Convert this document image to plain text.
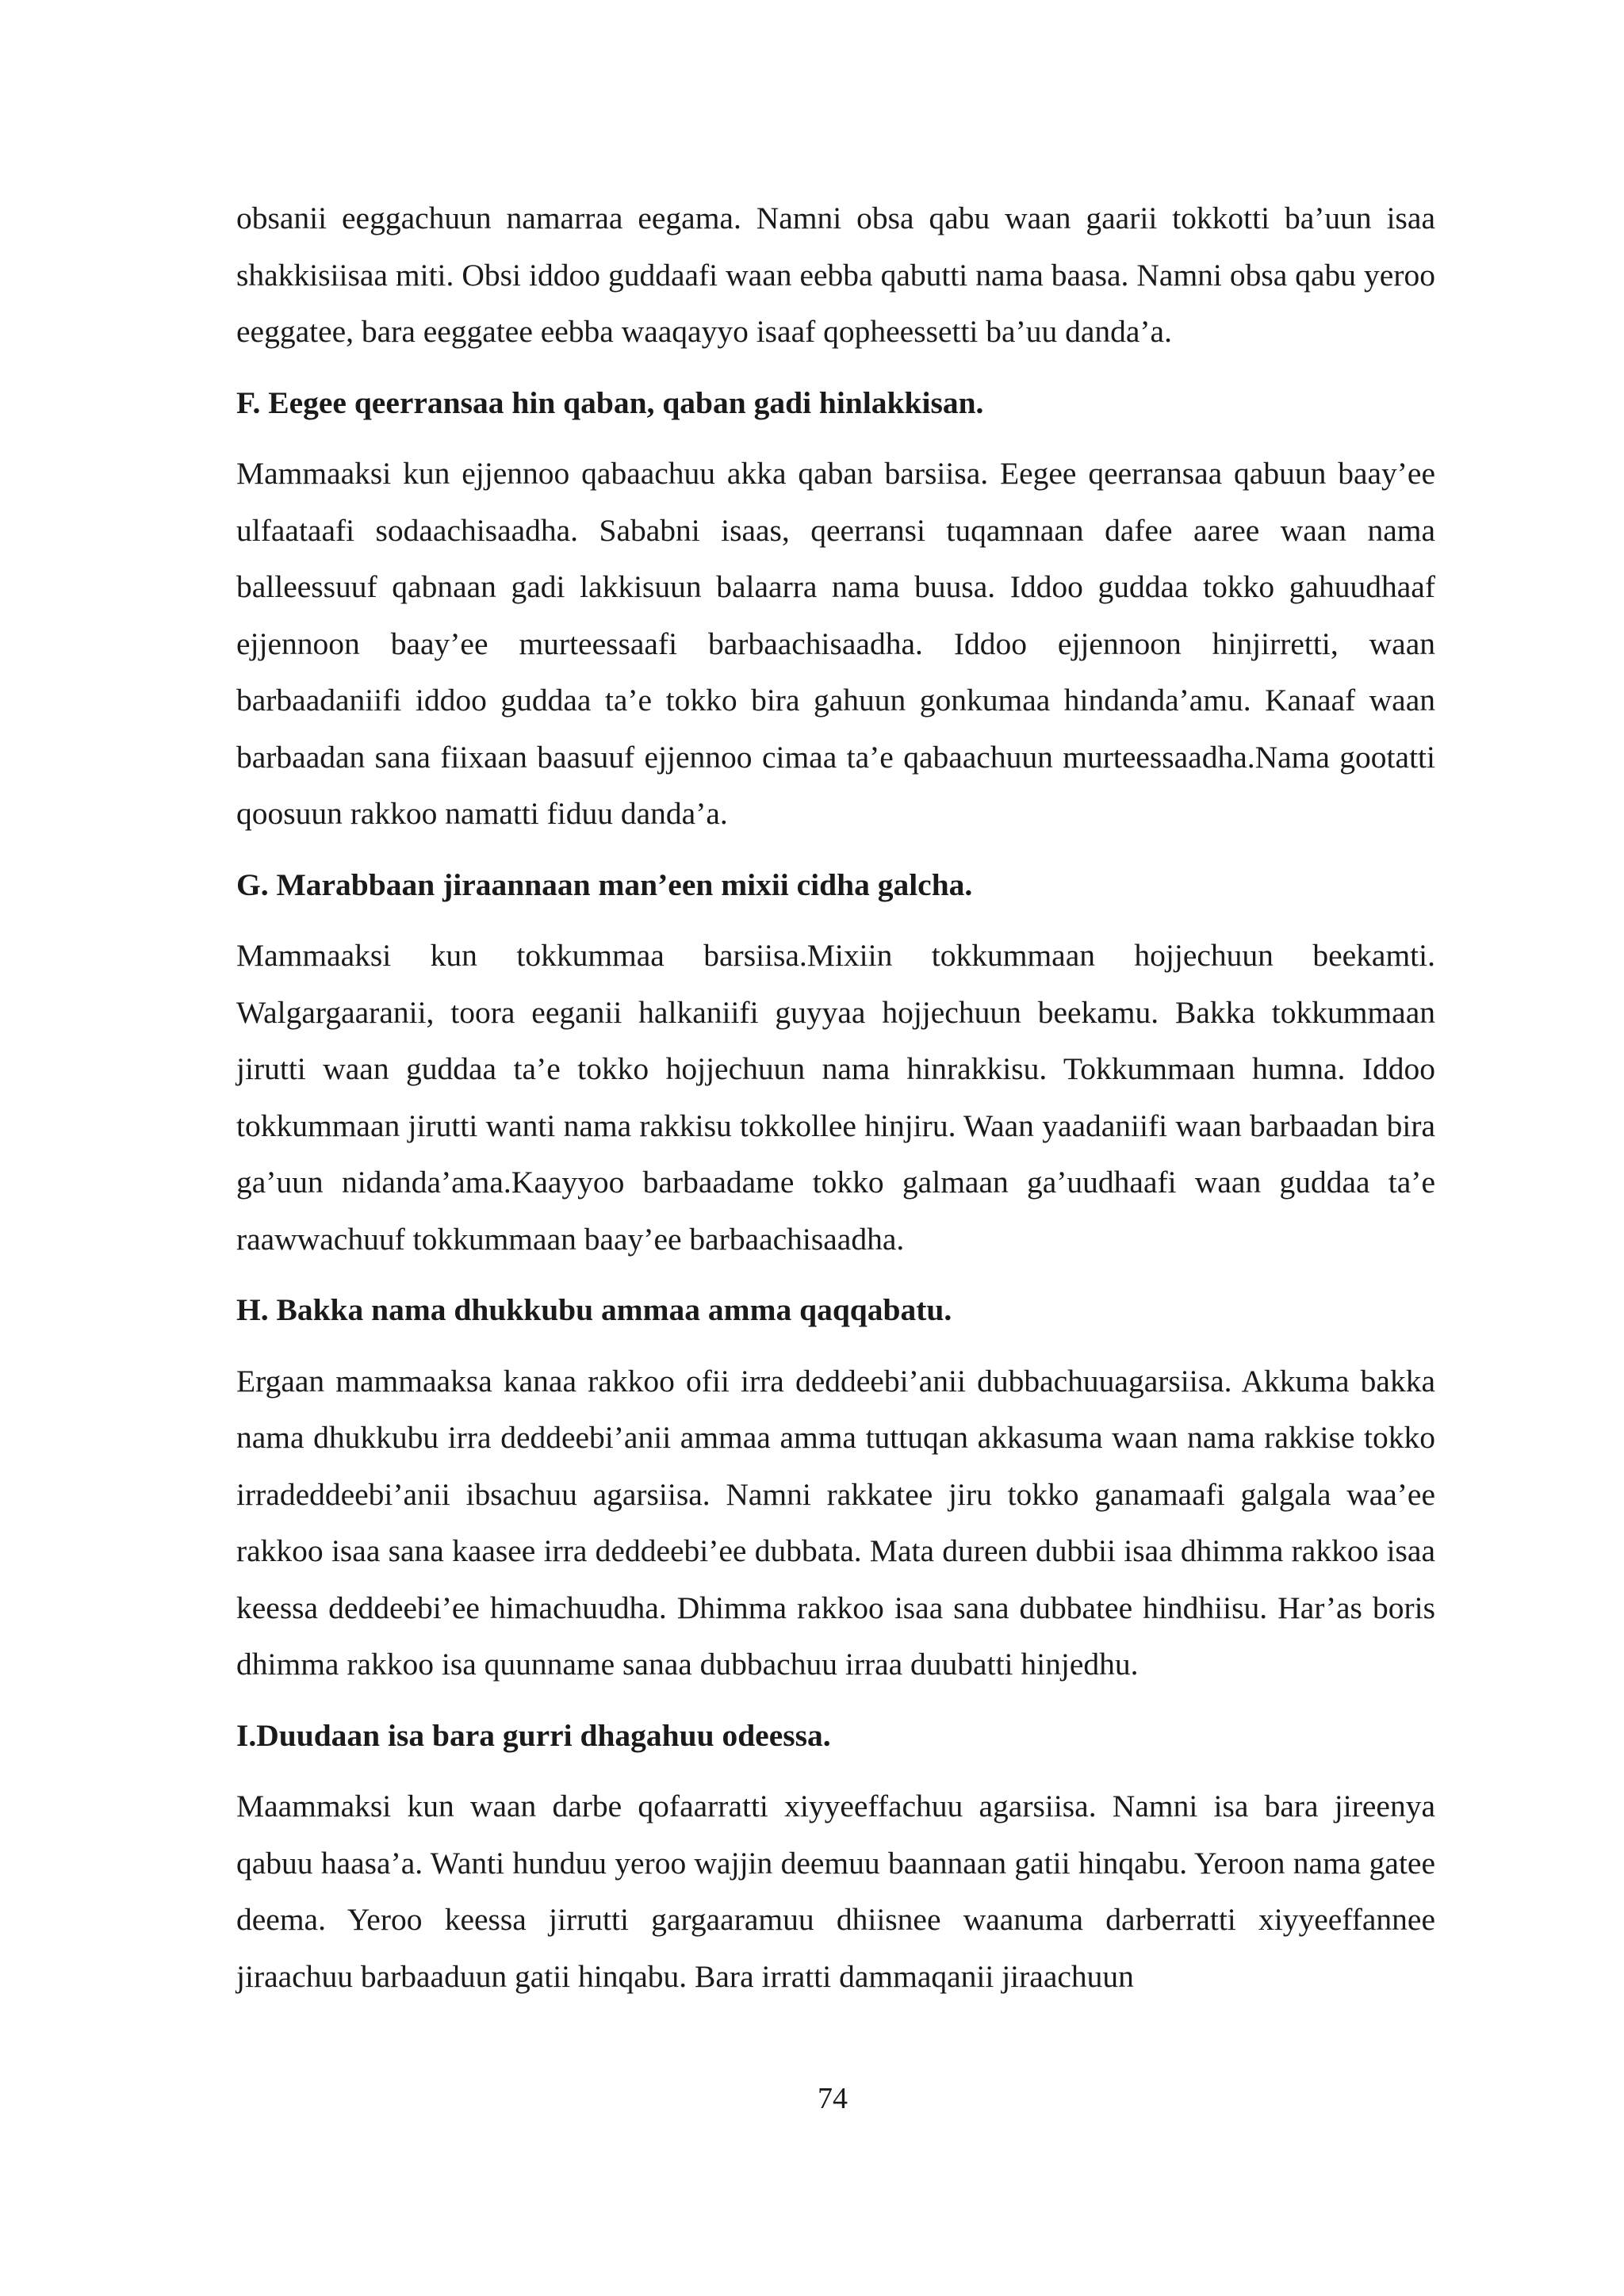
obsanii eeggachuun namarraa eegama. Namni obsa qabu waan gaarii tokkotti ba’uun isaa shakkisiisaa miti. Obsi iddoo guddaafi waan eebba qabutti nama baasa. Namni obsa qabu yeroo eeggatee, bara eeggatee eebba waaqayyo isaaf qopheessetti ba’uu danda’a.

F. Eegee qeerransaa hin qaban, qaban gadi hinlakkisan.

Mammaaksi kun ejjennoo qabaachuu akka qaban barsiisa. Eegee qeerransaa qabuun baay’ee ulfaataafi sodaachisaadha. Sababni isaas, qeerransi tuqamnaan dafee aaree waan nama balleessuuf qabnaan gadi lakkisuun balaarra nama buusa. Iddoo guddaa tokko gahuudhaaf ejjennoon baay’ee murteessaafi barbaachisaadha. Iddoo ejjennoon hinjirretti, waan barbaadaniifi iddoo guddaa ta’e tokko bira gahuun gonkumaa hindanda’amu. Kanaaf waan barbaadan sana fiixaan baasuuf ejjennoo cimaa ta’e qabaachuun murteessaadha.Nama gootatti qoosuun rakkoo namatti fiduu danda’a.

G. Marabbaan jiraannaan man’een mixii cidha galcha.

Mammaaksi kun tokkummaa barsiisa.Mixiin tokkummaan hojjechuun beekamti. Walgargaaranii, toora eeganii halkaniifi guyyaa hojjechuun beekamu. Bakka tokkummaan jirutti waan guddaa ta’e tokko hojjechuun nama hinrakkisu. Tokkummaan humna. Iddoo tokkummaan jirutti wanti nama rakkisu tokkollee hinjiru. Waan yaadaniifi waan barbaadan bira ga’uun nidanda’ama.Kaayyoo barbaadame tokko galmaan ga’uudhaafi waan guddaa ta’e raawwachuuf tokkummaan baay’ee barbaachisaadha.

H. Bakka nama dhukkubu ammaa amma qaqqabatu.

Ergaan mammaaksa kanaa rakkoo ofii irra deddeebi’anii dubbachuuagarsiisa. Akkuma bakka nama dhukkubu irra deddeebi’anii ammaa amma tuttuqan akkasuma waan nama rakkise tokko irradeddeebi’anii ibsachuu agarsiisa. Namni rakkatee jiru tokko ganamaafi galgala waa’ee rakkoo isaa sana kaasee irra deddeebi’ee dubbata. Mata dureen dubbii isaa dhimma rakkoo isaa keessa deddeebi’ee himachuudha. Dhimma rakkoo isaa sana dubbatee hindhiisu. Har’as boris dhimma rakkoo isa quunname sanaa dubbachuu irraa duubatti hinjedhu.

I.Duudaan isa bara gurri dhagahuu odeessa.

Maammaksi kun waan darbe qofaarratti xiyyeeffachuu agarsiisa. Namni isa bara jireenya qabuu haasa’a. Wanti hunduu yeroo wajjin deemuu baannaan gatii hinqabu. Yeroon nama gatee deema. Yeroo keessa jirrutti gargaaramuu dhiisnee waanuma darberratti xiyyeeffannee jiraachuu barbaaduun gatii hinqabu. Bara irratti dammaqanii jiraachuun

74
